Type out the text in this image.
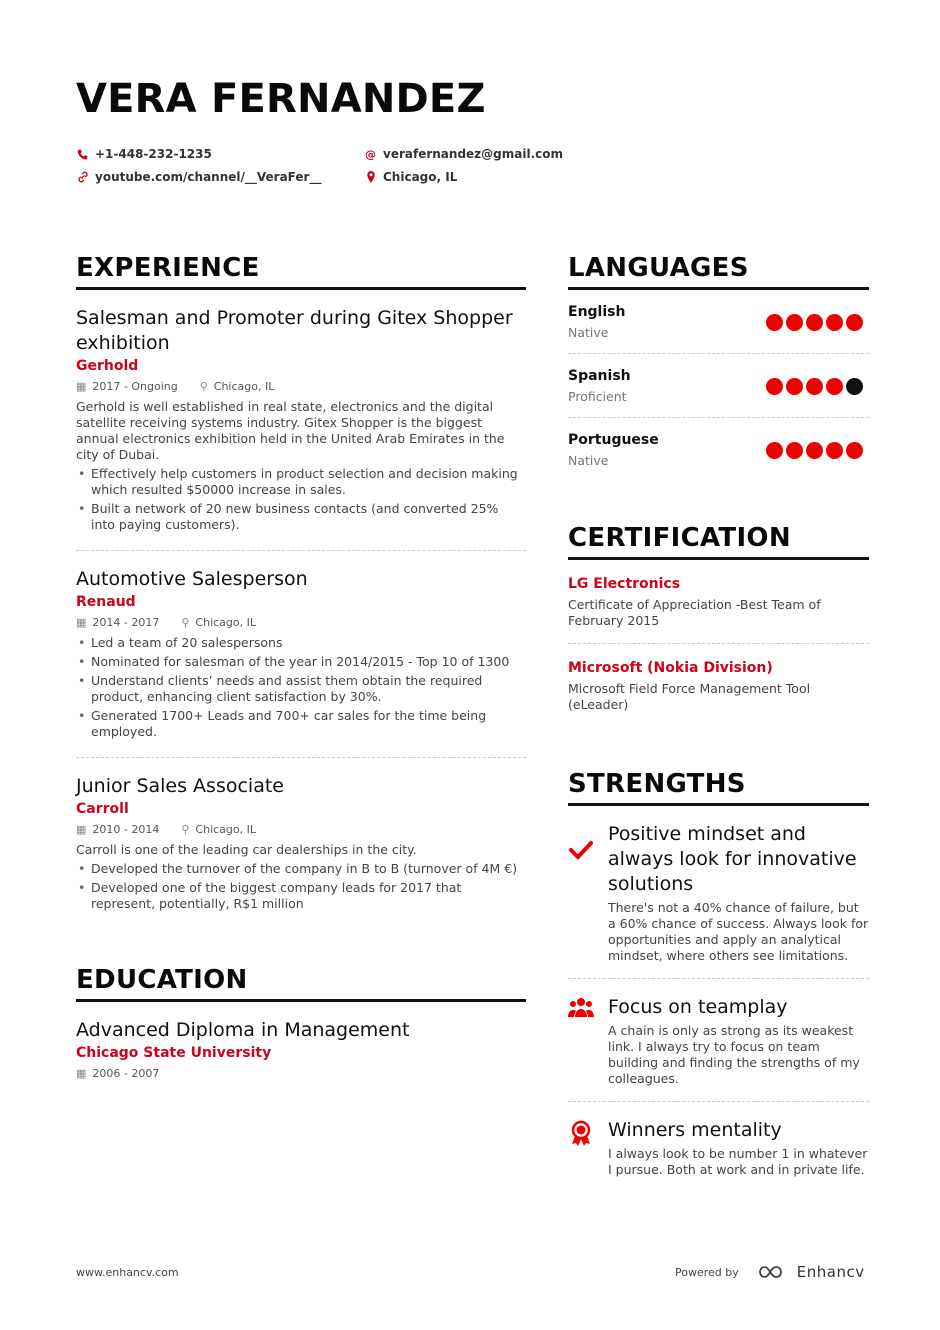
VERA FERNANDEZ
+1-448-232-1235	@ verafernandez@gmail.com
youtube.com/channel/__VeraFer__	Chicago, IL
EXPERIENCE
Salesman and Promoter during Gitex Shopper exhibition
Gerhold
▦ 2017 - Ongoing ⚲ Chicago, IL
Gerhold is well established in real state, electronics and the digital satellite receiving systems industry. Gitex Shopper is the biggest annual electronics exhibition held in the United Arab Emirates in the city of Dubai.
• Effectively help customers in product selection and decision making which resulted $50000 increase in sales.
• Built a network of 20 new business contacts (and converted 25% into paying customers).
Automotive Salesperson
Renaud
▦ 2014 - 2017 ⚲ Chicago, IL
• Led a team of 20 salespersons
• Nominated for salesman of the year in 2014/2015 - Top 10 of 1300
• Understand clients’ needs and assist them obtain the required product, enhancing client satisfaction by 30%.
• Generated 1700+ Leads and 700+ car sales for the time being employed.
Junior Sales Associate
Carroll
▦ 2010 - 2014 ⚲ Chicago, IL
Carroll is one of the leading car dealerships in the city.
• Developed the turnover of the company in B to B (turnover of 4M €)
• Developed one of the biggest company leads for 2017 that represent, potentially, R$1 million
EDUCATION
Advanced Diploma in Management
Chicago State University
▦ 2006 - 2007
LANGUAGES
English
Native
Spanish
Proficient
Portuguese
Native
CERTIFICATION
LG Electronics
Certificate of Appreciation -Best Team of February 2015
Microsoft (Nokia Division)
Microsoft Field Force Management Tool (eLeader)
STRENGTHS
Positive mindset and always look for innovative solutions
There's not a 40% chance of failure, but a 60% chance of success. Always look for opportunities and apply an analytical mindset, where others see limitations.
Focus on teamplay
A chain is only as strong as its weakest link. I always try to focus on team building and finding the strengths of my colleagues.
Winners mentality
I always look to be number 1 in whatever I pursue. Both at work and in private life.
www.enhancv.com	Powered by	Enhancv
